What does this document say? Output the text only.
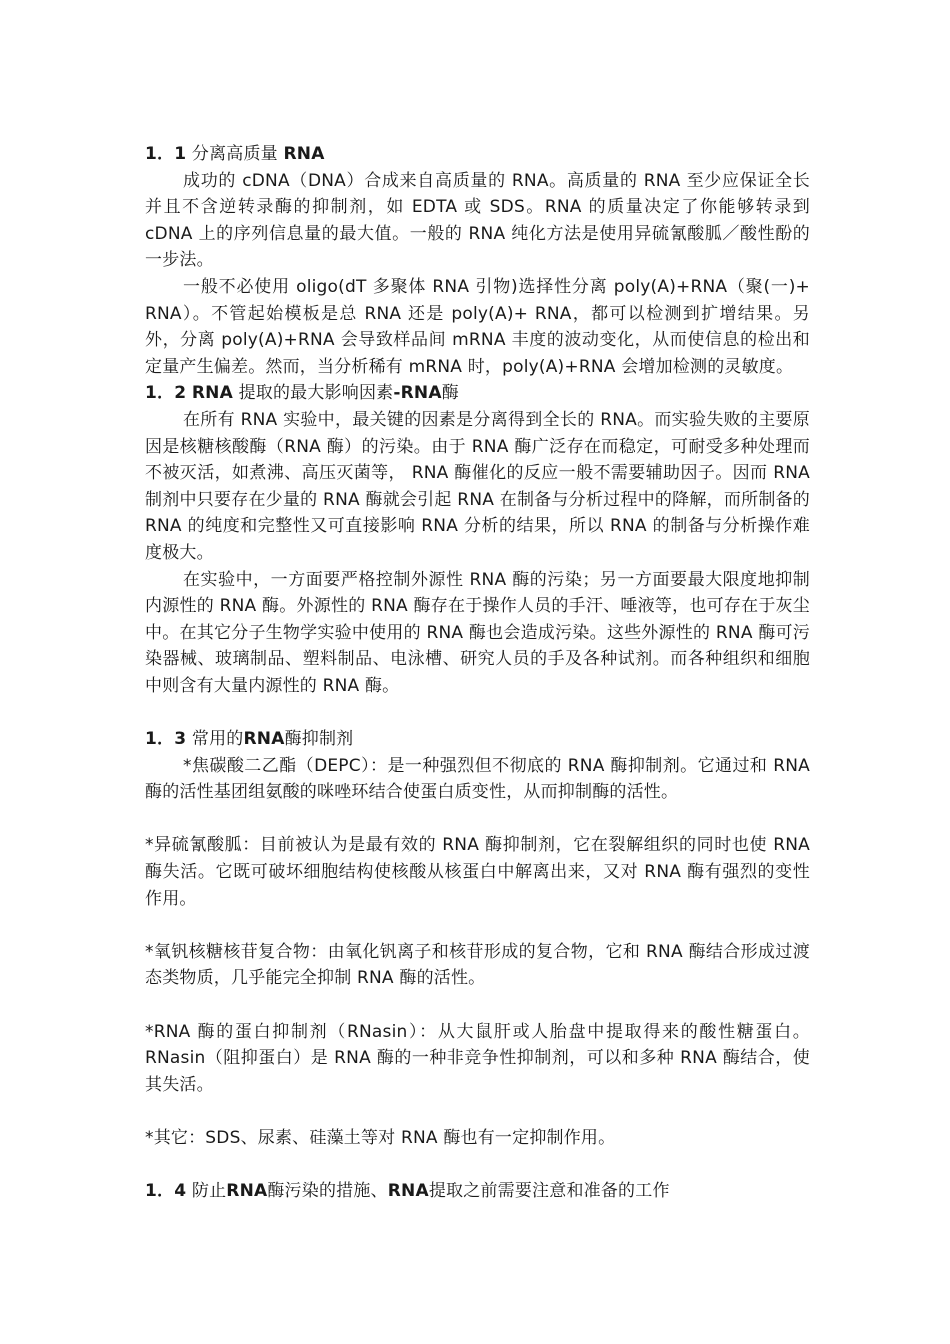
1．1 分离高质量 RNA

成功的 cDNA（DNA）合成来自高质量的 RNA。高质量的 RNA 至少应保证全长并且不含逆转录酶的抑制剂，如 EDTA 或 SDS。RNA 的质量决定了你能够转录到 cDNA 上的序列信息量的最大值。一般的 RNA 纯化方法是使用异硫氰酸胍／酸性酚的一步法。

一般不必使用 oligo(dT 多聚体 RNA 引物)选择性分离 poly(A)+RNA（聚(一)+ RNA）。不管起始模板是总 RNA 还是 poly(A)+ RNA，都可以检测到扩增结果。另外，分离 poly(A)+RNA 会导致样品间 mRNA 丰度的波动变化，从而使信息的检出和定量产生偏差。然而，当分析稀有 mRNA 时，poly(A)+RNA 会增加检测的灵敏度。

1．2 RNA 提取的最大影响因素-RNA酶

在所有 RNA 实验中，最关键的因素是分离得到全长的 RNA。而实验失败的主要原因是核糖核酸酶（RNA 酶）的污染。由于 RNA 酶广泛存在而稳定，可耐受多种处理而不被灭活，如煮沸、高压灭菌等， RNA 酶催化的反应一般不需要辅助因子。因而 RNA 制剂中只要存在少量的 RNA 酶就会引起 RNA 在制备与分析过程中的降解，而所制备的 RNA 的纯度和完整性又可直接影响 RNA 分析的结果，所以 RNA 的制备与分析操作难度极大。

在实验中，一方面要严格控制外源性 RNA 酶的污染；另一方面要最大限度地抑制内源性的 RNA 酶。外源性的 RNA 酶存在于操作人员的手汗、唾液等，也可存在于灰尘中。在其它分子生物学实验中使用的 RNA 酶也会造成污染。这些外源性的 RNA 酶可污染器械、玻璃制品、塑料制品、电泳槽、研究人员的手及各种试剂。而各种组织和细胞中则含有大量内源性的 RNA 酶。

1．3 常用的RNA酶抑制剂

*焦碳酸二乙酯（DEPC）：是一种强烈但不彻底的 RNA 酶抑制剂。它通过和 RNA 酶的活性基团组氨酸的咪唑环结合使蛋白质变性，从而抑制酶的活性。

*异硫氰酸胍：目前被认为是最有效的 RNA 酶抑制剂，它在裂解组织的同时也使 RNA 酶失活。它既可破坏细胞结构使核酸从核蛋白中解离出来，又对 RNA 酶有强烈的变性作用。

*氧钒核糖核苷复合物：由氧化钒离子和核苷形成的复合物，它和 RNA 酶结合形成过渡态类物质，几乎能完全抑制 RNA 酶的活性。

*RNA 酶的蛋白抑制剂（RNasin）：从大鼠肝或人胎盘中提取得来的酸性糖蛋白。RNasin（阻抑蛋白）是 RNA 酶的一种非竞争性抑制剂，可以和多种 RNA 酶结合，使其失活。

*其它：SDS、尿素、硅藻土等对 RNA 酶也有一定抑制作用。

1．4 防止RNA酶污染的措施、RNA提取之前需要注意和准备的工作
